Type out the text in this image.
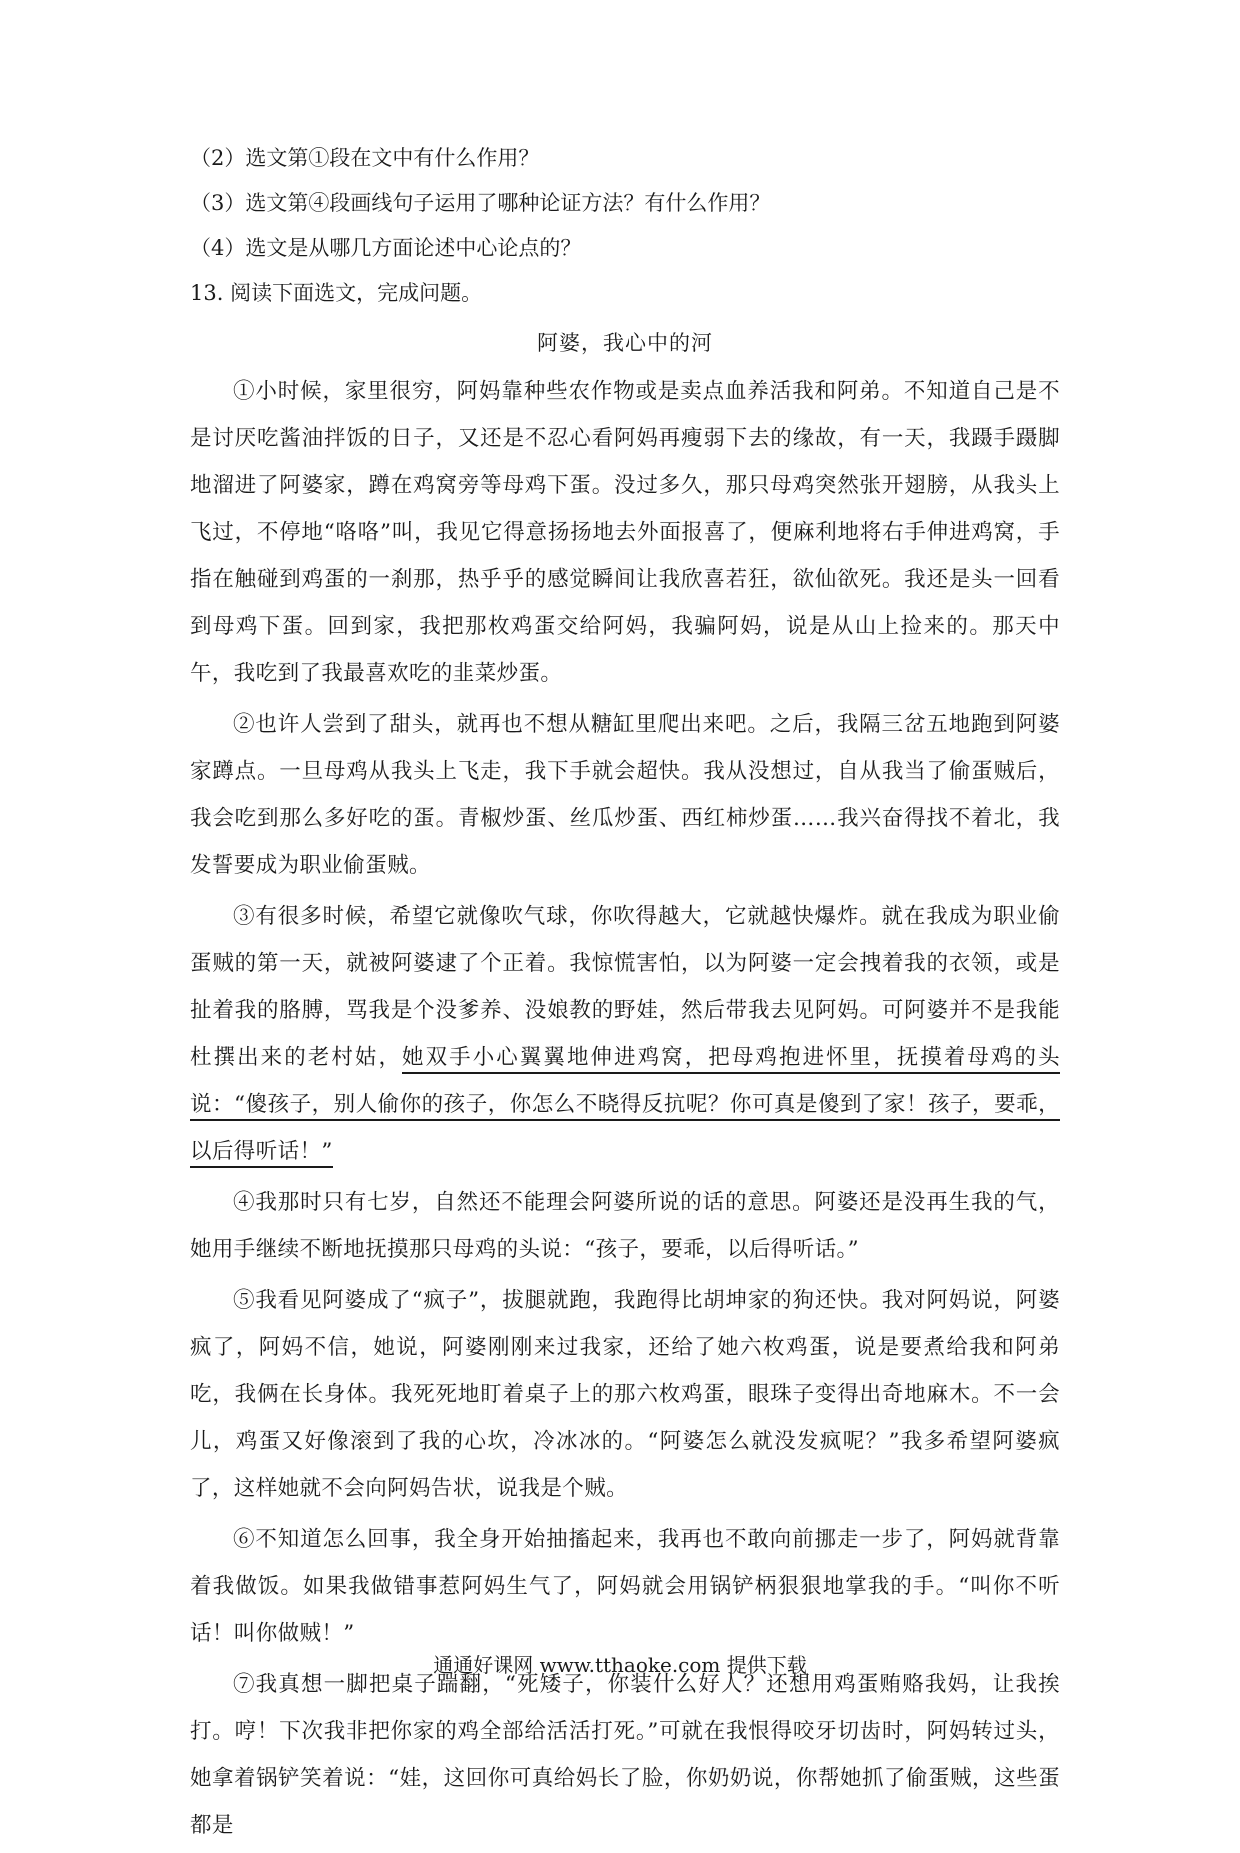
（2）选文第①段在文中有什么作用？
（3）选文第④段画线句子运用了哪种论证方法？有什么作用？
（4）选文是从哪几方面论述中心论点的？
13. 阅读下面选文，完成问题。
阿婆，我心中的河

①小时候，家里很穷，阿妈靠种些农作物或是卖点血养活我和阿弟。不知道自己是不是讨厌吃酱油拌饭的日子，又还是不忍心看阿妈再瘦弱下去的缘故，有一天，我蹑手蹑脚地溜进了阿婆家，蹲在鸡窝旁等母鸡下蛋。没过多久，那只母鸡突然张开翅膀，从我头上飞过，不停地“咯咯”叫，我见它得意扬扬地去外面报喜了，便麻利地将右手伸进鸡窝，手指在触碰到鸡蛋的一刹那，热乎乎的感觉瞬间让我欣喜若狂，欲仙欲死。我还是头一回看到母鸡下蛋。回到家，我把那枚鸡蛋交给阿妈，我骗阿妈，说是从山上捡来的。那天中午，我吃到了我最喜欢吃的韭菜炒蛋。

②也许人尝到了甜头，就再也不想从糖缸里爬出来吧。之后，我隔三岔五地跑到阿婆家蹲点。一旦母鸡从我头上飞走，我下手就会超快。我从没想过，自从我当了偷蛋贼后，我会吃到那么多好吃的蛋。青椒炒蛋、丝瓜炒蛋、西红柿炒蛋……我兴奋得找不着北，我发誓要成为职业偷蛋贼。

③有很多时候，希望它就像吹气球，你吹得越大，它就越快爆炸。就在我成为职业偷蛋贼的第一天，就被阿婆逮了个正着。我惊慌害怕，以为阿婆一定会拽着我的衣领，或是扯着我的胳膊，骂我是个没爹养、没娘教的野娃，然后带我去见阿妈。可阿婆并不是我能杜撰出来的老村姑，她双手小心翼翼地伸进鸡窝，把母鸡抱进怀里，抚摸着母鸡的头说：“傻孩子，别人偷你的孩子，你怎么不晓得反抗呢？你可真是傻到了家！孩子，要乖，以后得听话！”

④我那时只有七岁，自然还不能理会阿婆所说的话的意思。阿婆还是没再生我的气，她用手继续不断地抚摸那只母鸡的头说：“孩子，要乖，以后得听话。”

⑤我看见阿婆成了“疯子”，拔腿就跑，我跑得比胡坤家的狗还快。我对阿妈说，阿婆疯了，阿妈不信，她说，阿婆刚刚来过我家，还给了她六枚鸡蛋，说是要煮给我和阿弟吃，我俩在长身体。我死死地盯着桌子上的那六枚鸡蛋，眼珠子变得出奇地麻木。不一会儿，鸡蛋又好像滚到了我的心坎，冷冰冰的。“阿婆怎么就没发疯呢？”我多希望阿婆疯了，这样她就不会向阿妈告状，说我是个贼。

⑥不知道怎么回事，我全身开始抽搐起来，我再也不敢向前挪走一步了，阿妈就背靠着我做饭。如果我做错事惹阿妈生气了，阿妈就会用锅铲柄狠狠地掌我的手。“叫你不听话！叫你做贼！”

⑦我真想一脚把桌子踹翻，“死矮子，你装什么好人？还想用鸡蛋贿赂我妈，让我挨打。哼！下次我非把你家的鸡全部给活活打死。”可就在我恨得咬牙切齿时，阿妈转过头，她拿着锅铲笑着说：“娃，这回你可真给妈长了脸，你奶奶说，你帮她抓了偷蛋贼，这些蛋都是

通通好课网 www.tthaoke.com 提供下载
